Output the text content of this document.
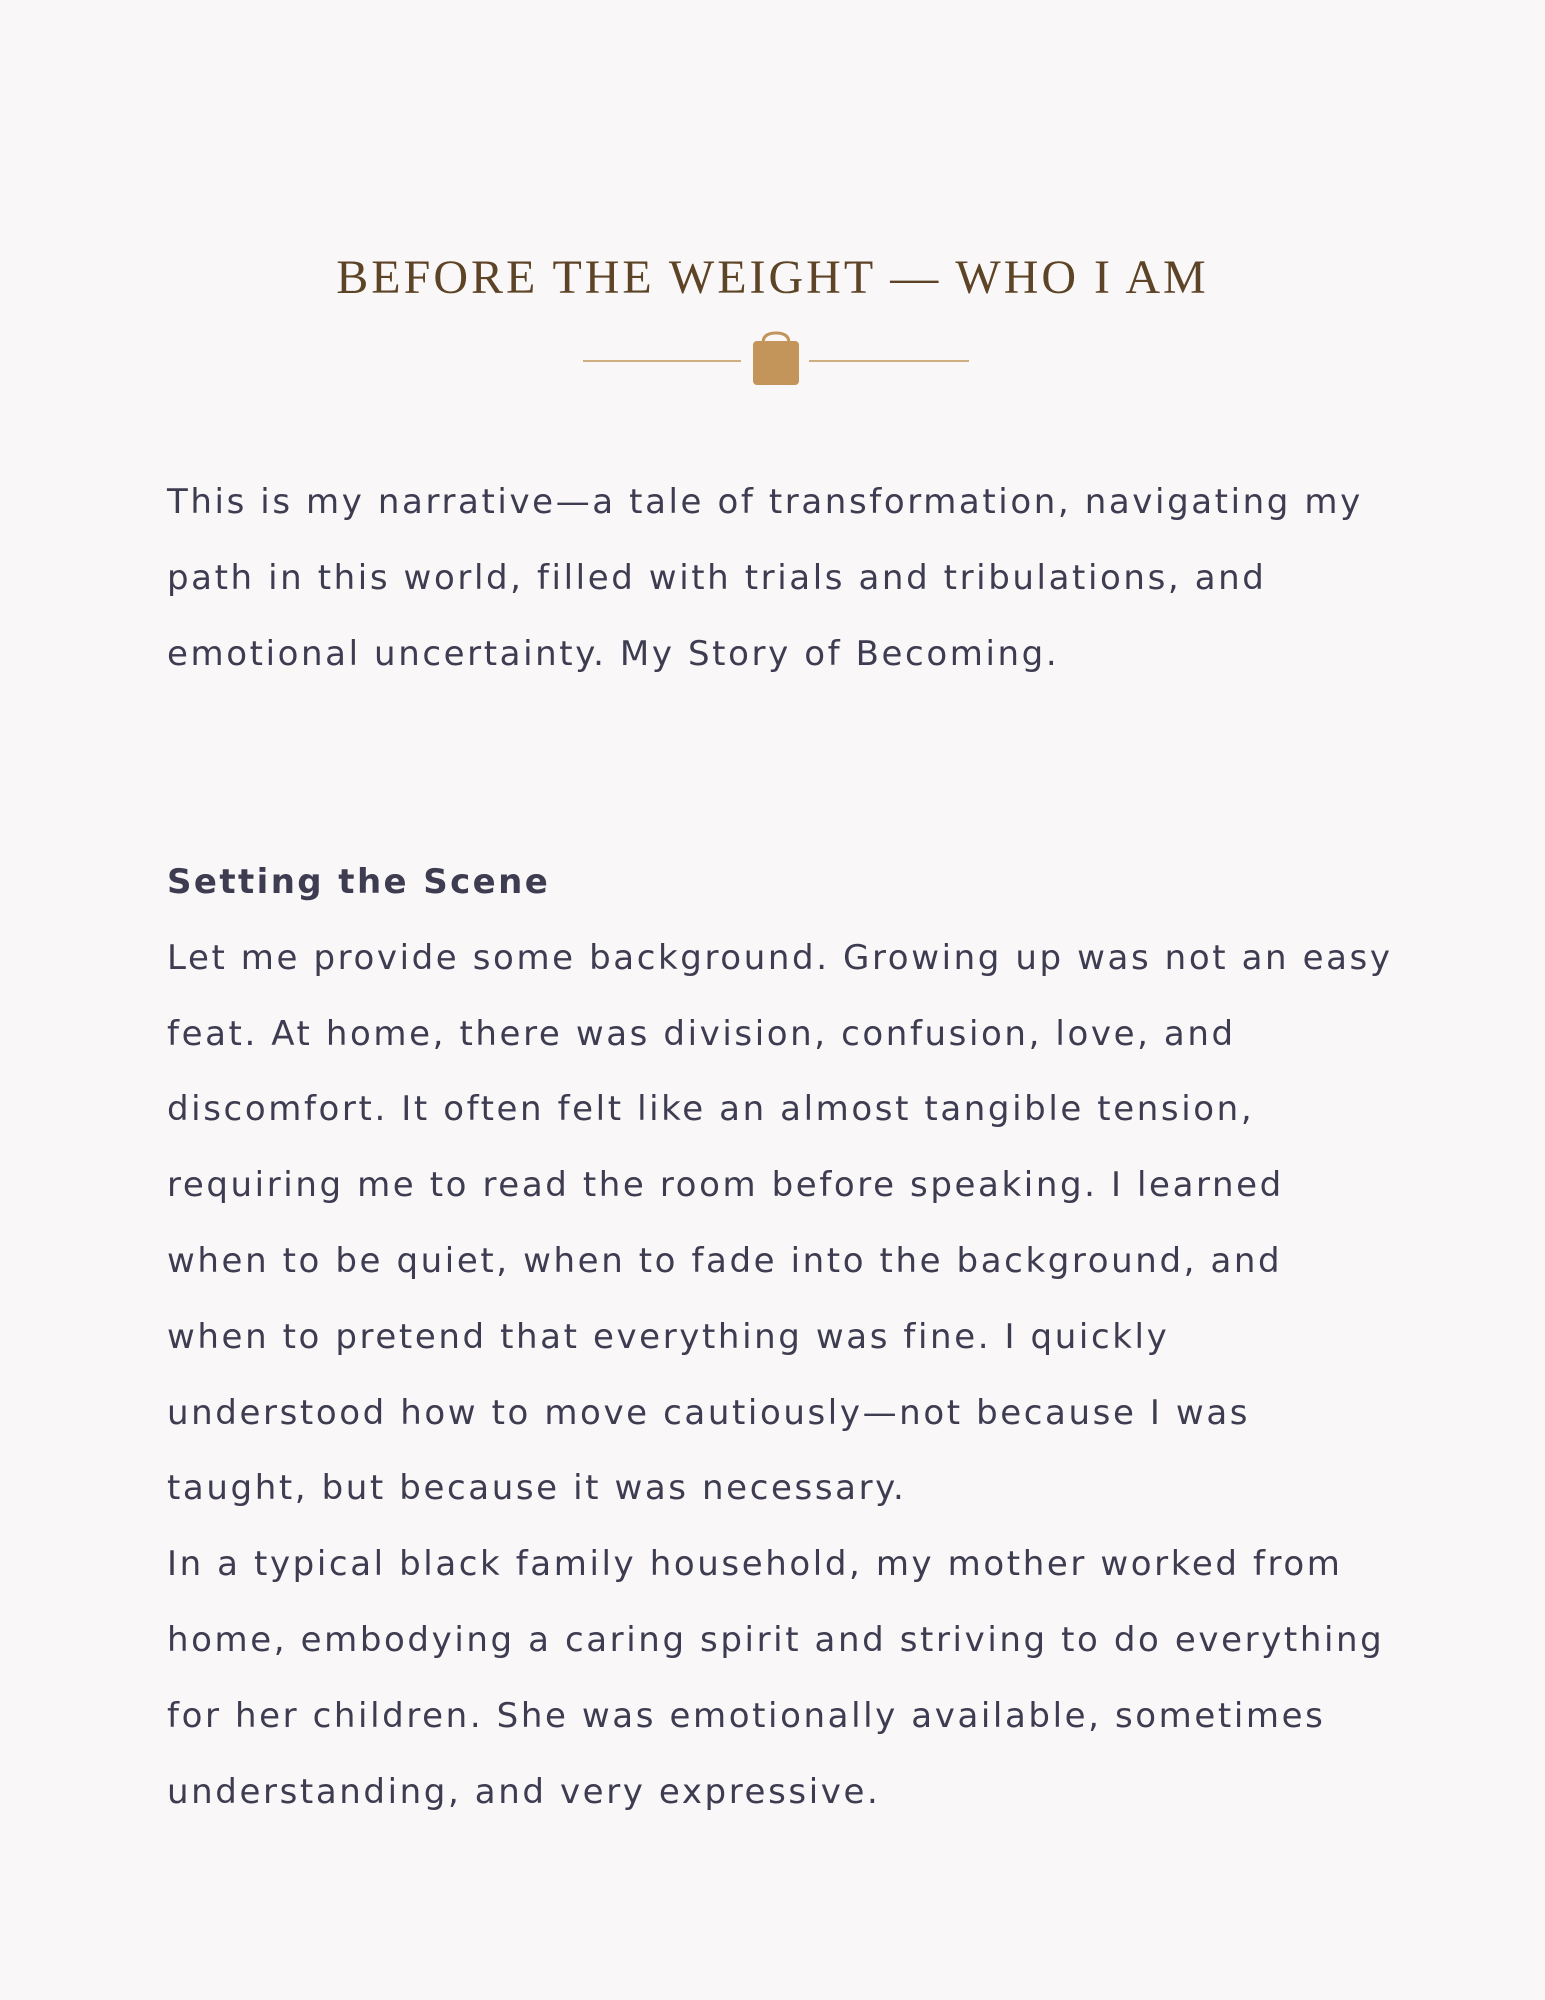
BEFORE THE WEIGHT — WHO I AM

This is my narrative—a tale of transformation, navigating my path in this world, filled with trials and tribulations, and emotional uncertainty. My Story of Becoming.

Setting the Scene

Let me provide some background. Growing up was not an easy feat. At home, there was division, confusion, love, and discomfort. It often felt like an almost tangible tension, requiring me to read the room before speaking. I learned when to be quiet, when to fade into the background, and when to pretend that everything was fine. I quickly understood how to move cautiously—not because I was taught, but because it was necessary.

In a typical black family household, my mother worked from home, embodying a caring spirit and striving to do everything for her children. She was emotionally available, sometimes understanding, and very expressive.
